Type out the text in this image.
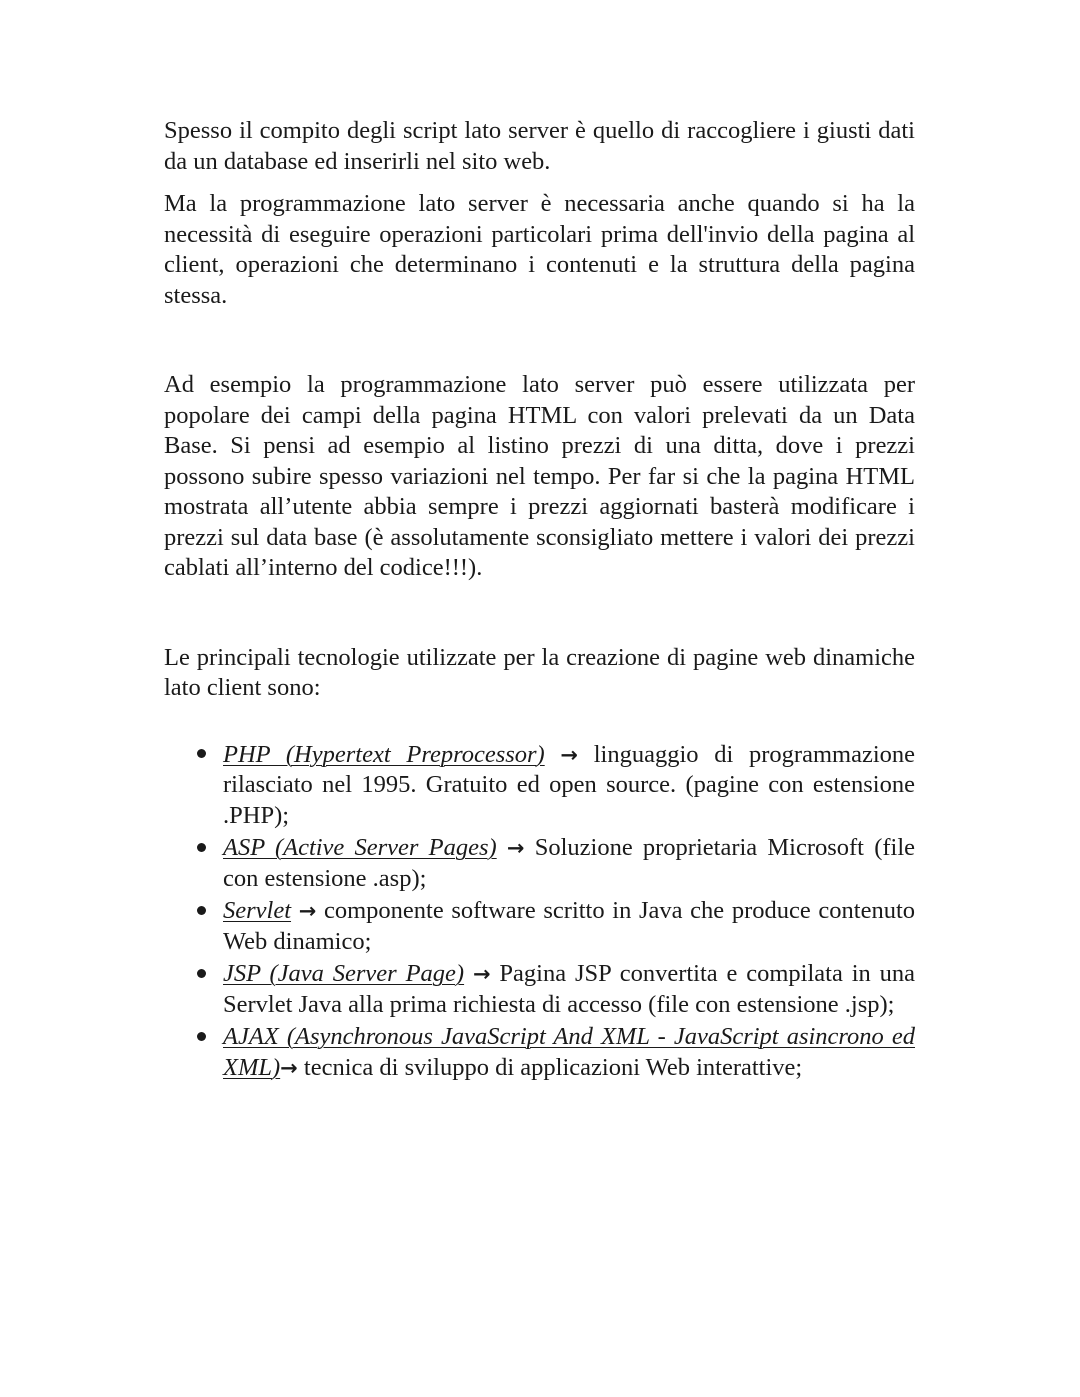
Spesso il compito degli script lato server è quello di raccogliere i giusti dati da un database ed inserirli nel sito web.

Ma la programmazione lato server è necessaria anche quando si ha la necessità di eseguire operazioni particolari prima dell'invio della pagina al client, operazioni che determinano i contenuti e la struttura della pagina stessa.

Ad esempio la programmazione lato server può essere utilizzata per popolare dei campi della pagina HTML con valori prelevati da un Data Base. Si pensi ad esempio al listino prezzi di una ditta, dove i prezzi possono subire spesso variazioni nel tempo. Per far si che la pagina HTML mostrata all’utente abbia sempre i prezzi aggiornati basterà modificare i prezzi sul data base (è assolutamente sconsigliato mettere i valori dei prezzi cablati all’interno del codice!!!).

Le principali tecnologie utilizzate per la creazione di pagine web dinamiche lato client sono:

PHP (Hypertext Preprocessor) → linguaggio di programmazione rilasciato nel 1995. Gratuito ed open source. (pagine con estensione .PHP);
ASP (Active Server Pages) → Soluzione proprietaria Microsoft (file con estensione .asp);
Servlet → componente software scritto in Java che produce contenuto Web dinamico;
JSP (Java Server Page) → Pagina JSP convertita e compilata in una Servlet Java alla prima richiesta di accesso (file con estensione .jsp);
AJAX (Asynchronous JavaScript And XML - JavaScript asincrono ed XML)→ tecnica di sviluppo di applicazioni Web interattive;
